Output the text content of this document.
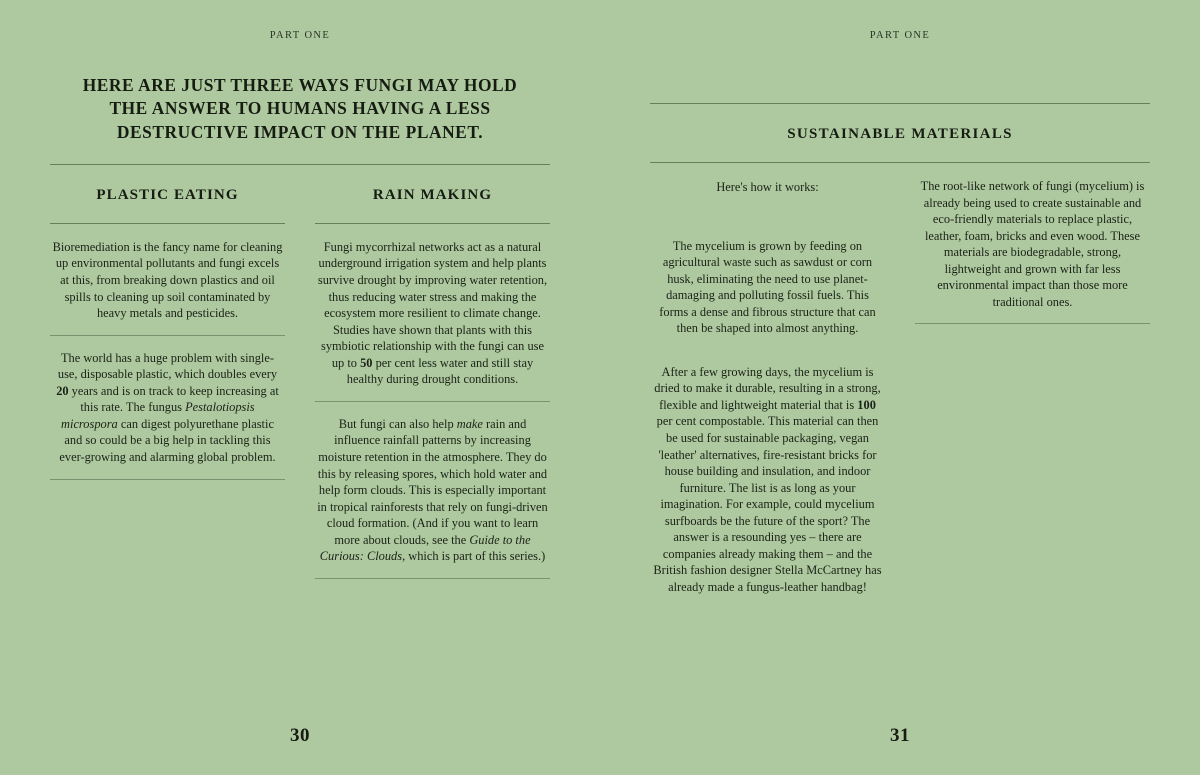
PART ONE
HERE ARE JUST THREE WAYS FUNGI MAY HOLD THE ANSWER TO HUMANS HAVING A LESS DESTRUCTIVE IMPACT ON THE PLANET.
PLASTIC EATING

Bioremediation is the fancy name for cleaning up environmental pollutants and fungi excels at this, from breaking down plastics and oil spills to cleaning up soil contaminated by heavy metals and pesticides.

The world has a huge problem with single-use, disposable plastic, which doubles every 20 years and is on track to keep increasing at this rate. The fungus Pestalotiopsis microspora can digest polyurethane plastic and so could be a big help in tackling this ever-growing and alarming global problem.

RAIN MAKING

Fungi mycorrhizal networks act as a natural underground irrigation system and help plants survive drought by improving water retention, thus reducing water stress and making the ecosystem more resilient to climate change. Studies have shown that plants with this symbiotic relationship with the fungi can use up to 50 per cent less water and still stay healthy during drought conditions.

But fungi can also help make rain and influence rainfall patterns by increasing moisture retention in the atmosphere. They do this by releasing spores, which hold water and help form clouds. This is especially important in tropical rainforests that rely on fungi-driven cloud formation. (And if you want to learn more about clouds, see the Guide to the Curious: Clouds, which is part of this series.)

30
PART ONE
SUSTAINABLE MATERIALS

Here's how it works:

The mycelium is grown by feeding on agricultural waste such as sawdust or corn husk, eliminating the need to use planet-damaging and polluting fossil fuels. This forms a dense and fibrous structure that can then be shaped into almost anything.

After a few growing days, the mycelium is dried to make it durable, resulting in a strong, flexible and lightweight material that is 100 per cent compostable. This material can then be used for sustainable packaging, vegan 'leather' alternatives, fire-resistant bricks for house building and insulation, and indoor furniture. The list is as long as your imagination. For example, could mycelium surfboards be the future of the sport? The answer is a resounding yes – there are companies already making them – and the British fashion designer Stella McCartney has already made a fungus-leather handbag!

The root-like network of fungi (mycelium) is already being used to create sustainable and eco-friendly materials to replace plastic, leather, foam, bricks and even wood. These materials are biodegradable, strong, lightweight and grown with far less environmental impact than those more traditional ones.

31
